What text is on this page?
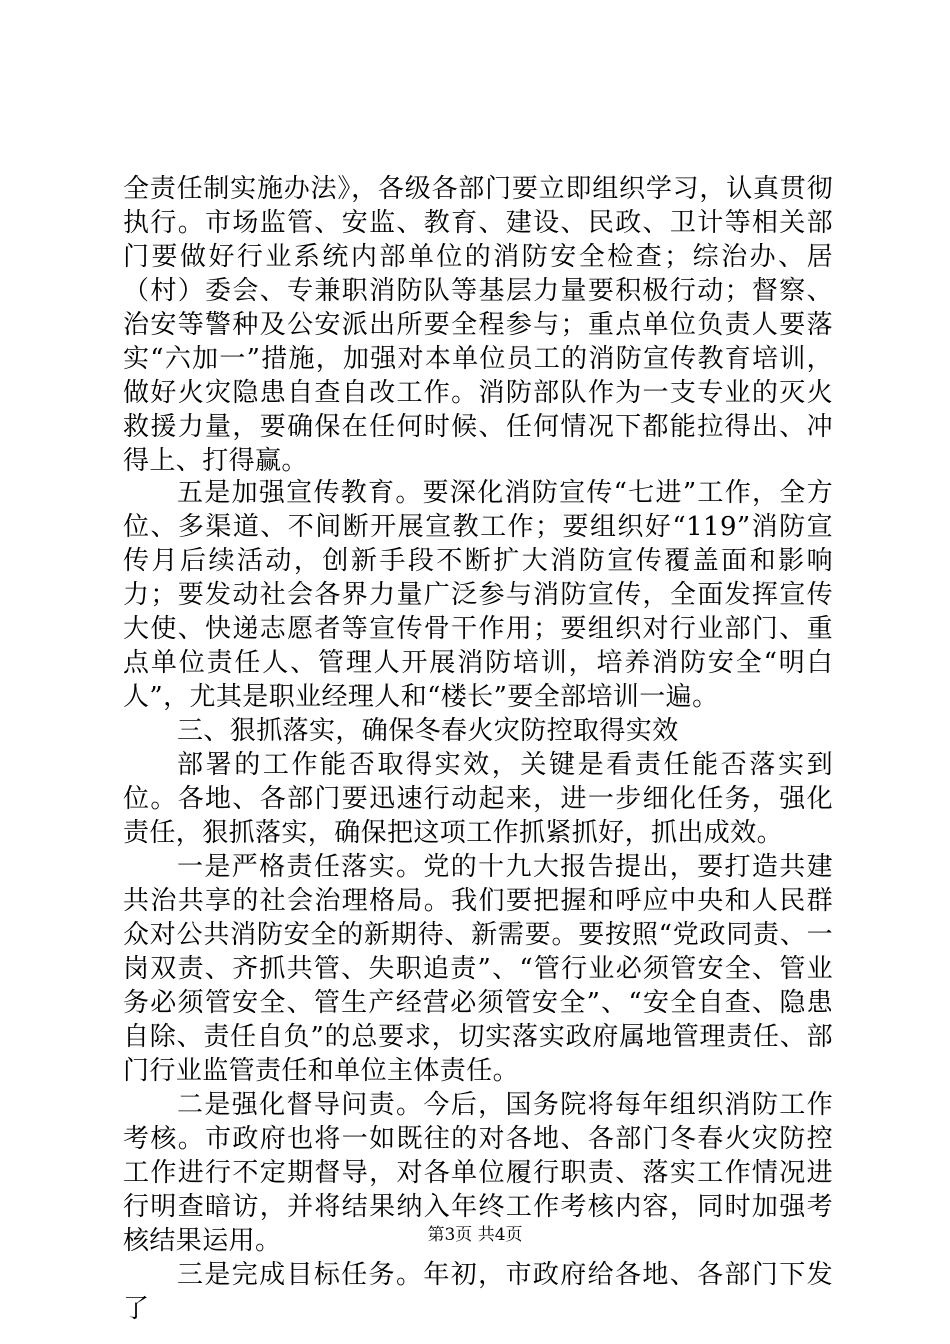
全责任制实施办法》，各级各部门要立即组织学习，认真贯彻执行。市场监管、安监、教育、建设、民政、卫计等相关部门要做好行业系统内部单位的消防安全检查；综治办、居（村）委会、专兼职消防队等基层力量要积极行动；督察、治安等警种及公安派出所要全程参与；重点单位负责人要落实“六加一”措施，加强对本单位员工的消防宣传教育培训，做好火灾隐患自查自改工作。消防部队作为一支专业的灭火救援力量，要确保在任何时候、任何情况下都能拉得出、冲得上、打得赢。

五是加强宣传教育。要深化消防宣传“七进”工作，全方位、多渠道、不间断开展宣教工作；要组织好“119”消防宣传月后续活动，创新手段不断扩大消防宣传覆盖面和影响力；要发动社会各界力量广泛参与消防宣传，全面发挥宣传大使、快递志愿者等宣传骨干作用；要组织对行业部门、重点单位责任人、管理人开展消防培训，培养消防安全“明白人”，尤其是职业经理人和“楼长”要全部培训一遍。

三、狠抓落实，确保冬春火灾防控取得实效

部署的工作能否取得实效，关键是看责任能否落实到位。各地、各部门要迅速行动起来，进一步细化任务，强化责任，狠抓落实，确保把这项工作抓紧抓好，抓出成效。

一是严格责任落实。党的十九大报告提出，要打造共建共治共享的社会治理格局。我们要把握和呼应中央和人民群众对公共消防安全的新期待、新需要。要按照“党政同责、一岗双责、齐抓共管、失职追责”、“管行业必须管安全、管业务必须管安全、管生产经营必须管安全”、“安全自查、隐患自除、责任自负”的总要求，切实落实政府属地管理责任、部门行业监管责任和单位主体责任。

二是强化督导问责。今后，国务院将每年组织消防工作考核。市政府也将一如既往的对各地、各部门冬春火灾防控工作进行不定期督导，对各单位履行职责、落实工作情况进行明查暗访，并将结果纳入年终工作考核内容，同时加强考核结果运用。

三是完成目标任务。年初，市政府给各地、各部门下发了

第3页 共4页
